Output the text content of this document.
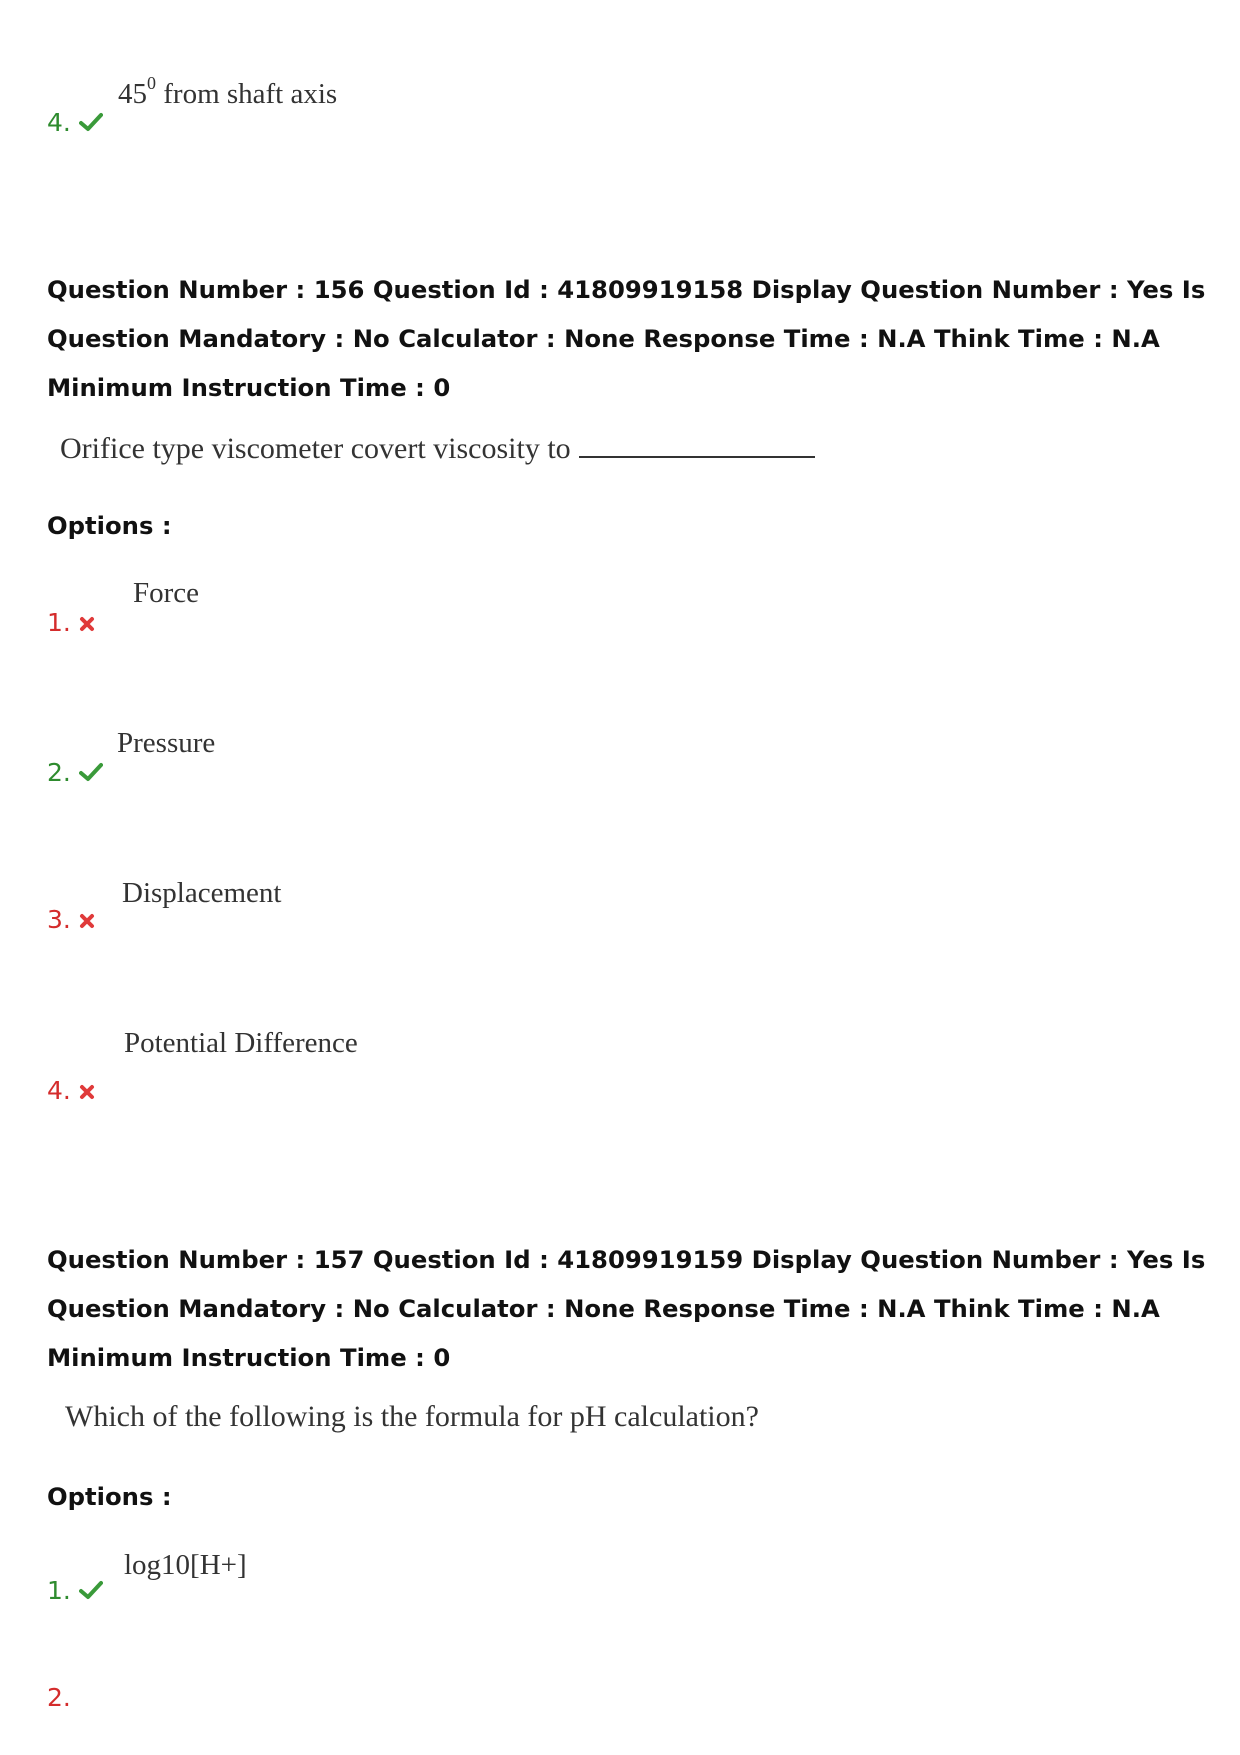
$45^0$ from shaft axis
4.
Question Number : 156 Question Id : 41809919158 Display Question Number : Yes Is Question Mandatory : No Calculator : None Response Time : N.A Think Time : N.A Minimum Instruction Time : 0
Orifice type viscometer covert viscosity to
Options :
Force
1.
Pressure
2.
Displacement
3.
Potential Difference
4.
Question Number : 157 Question Id : 41809919159 Display Question Number : Yes Is Question Mandatory : No Calculator : None Response Time : N.A Think Time : N.A Minimum Instruction Time : 0
Which of the following is the formula for pH calculation?
Options :
log10[H+]
1.
2.
